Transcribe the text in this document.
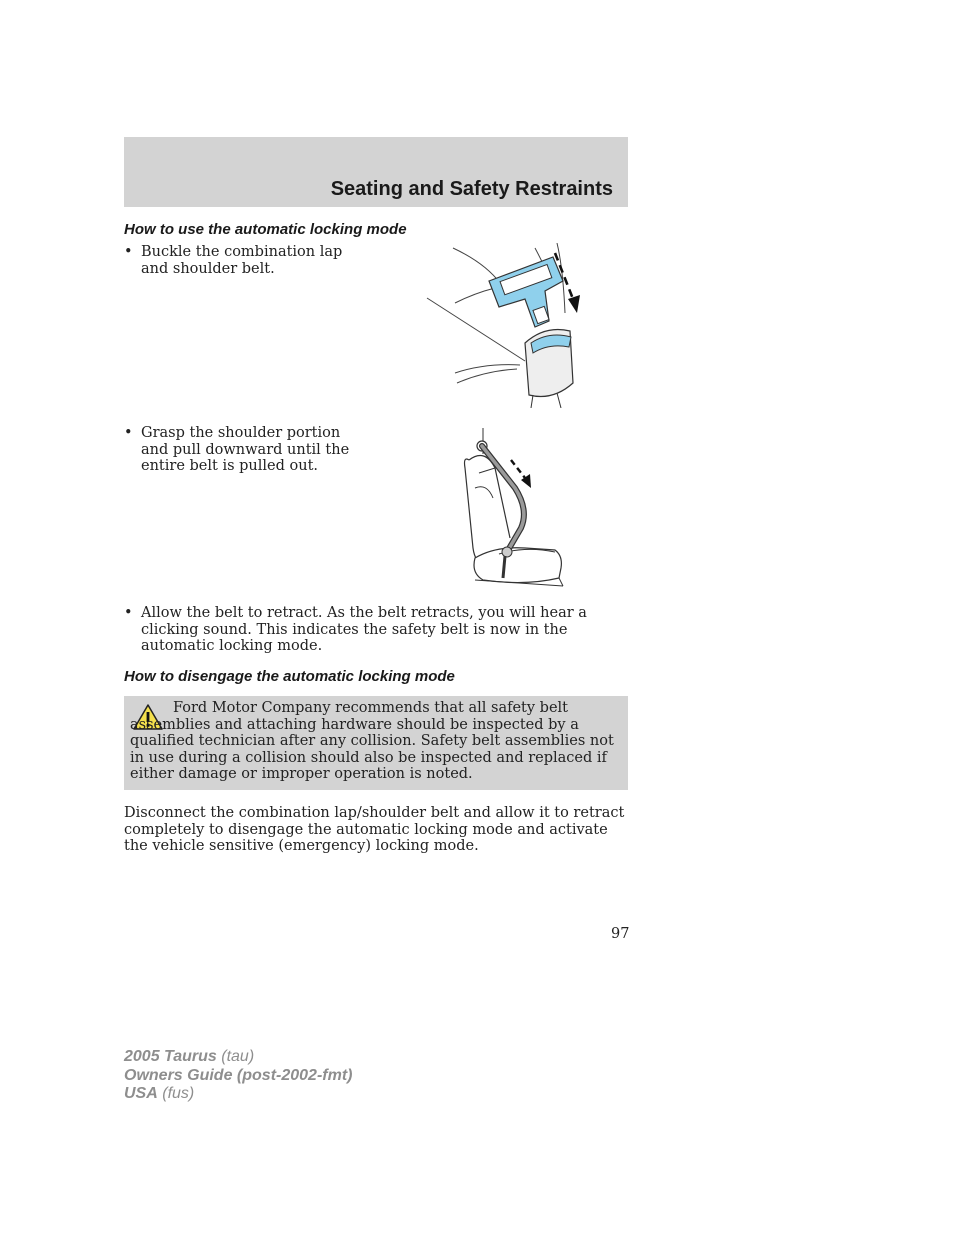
Seating and Safety Restraints
How to use the automatic locking mode
• Buckle the combination lap and shoulder belt.
• Grasp the shoulder portion and pull downward until the entire belt is pulled out.
• Allow the belt to retract. As the belt retracts, you will hear a clicking sound. This indicates the safety belt is now in the automatic locking mode.
How to disengage the automatic locking mode
Ford Motor Company recommends that all safety belt assemblies and attaching hardware should be inspected by a qualified technician after any collision. Safety belt assemblies not in use during a collision should also be inspected and replaced if either damage or improper operation is noted.
Disconnect the combination lap/shoulder belt and allow it to retract completely to disengage the automatic locking mode and activate the vehicle sensitive (emergency) locking mode.
97
2005 Taurus (tau)
Owners Guide (post-2002-fmt)
USA (fus)
